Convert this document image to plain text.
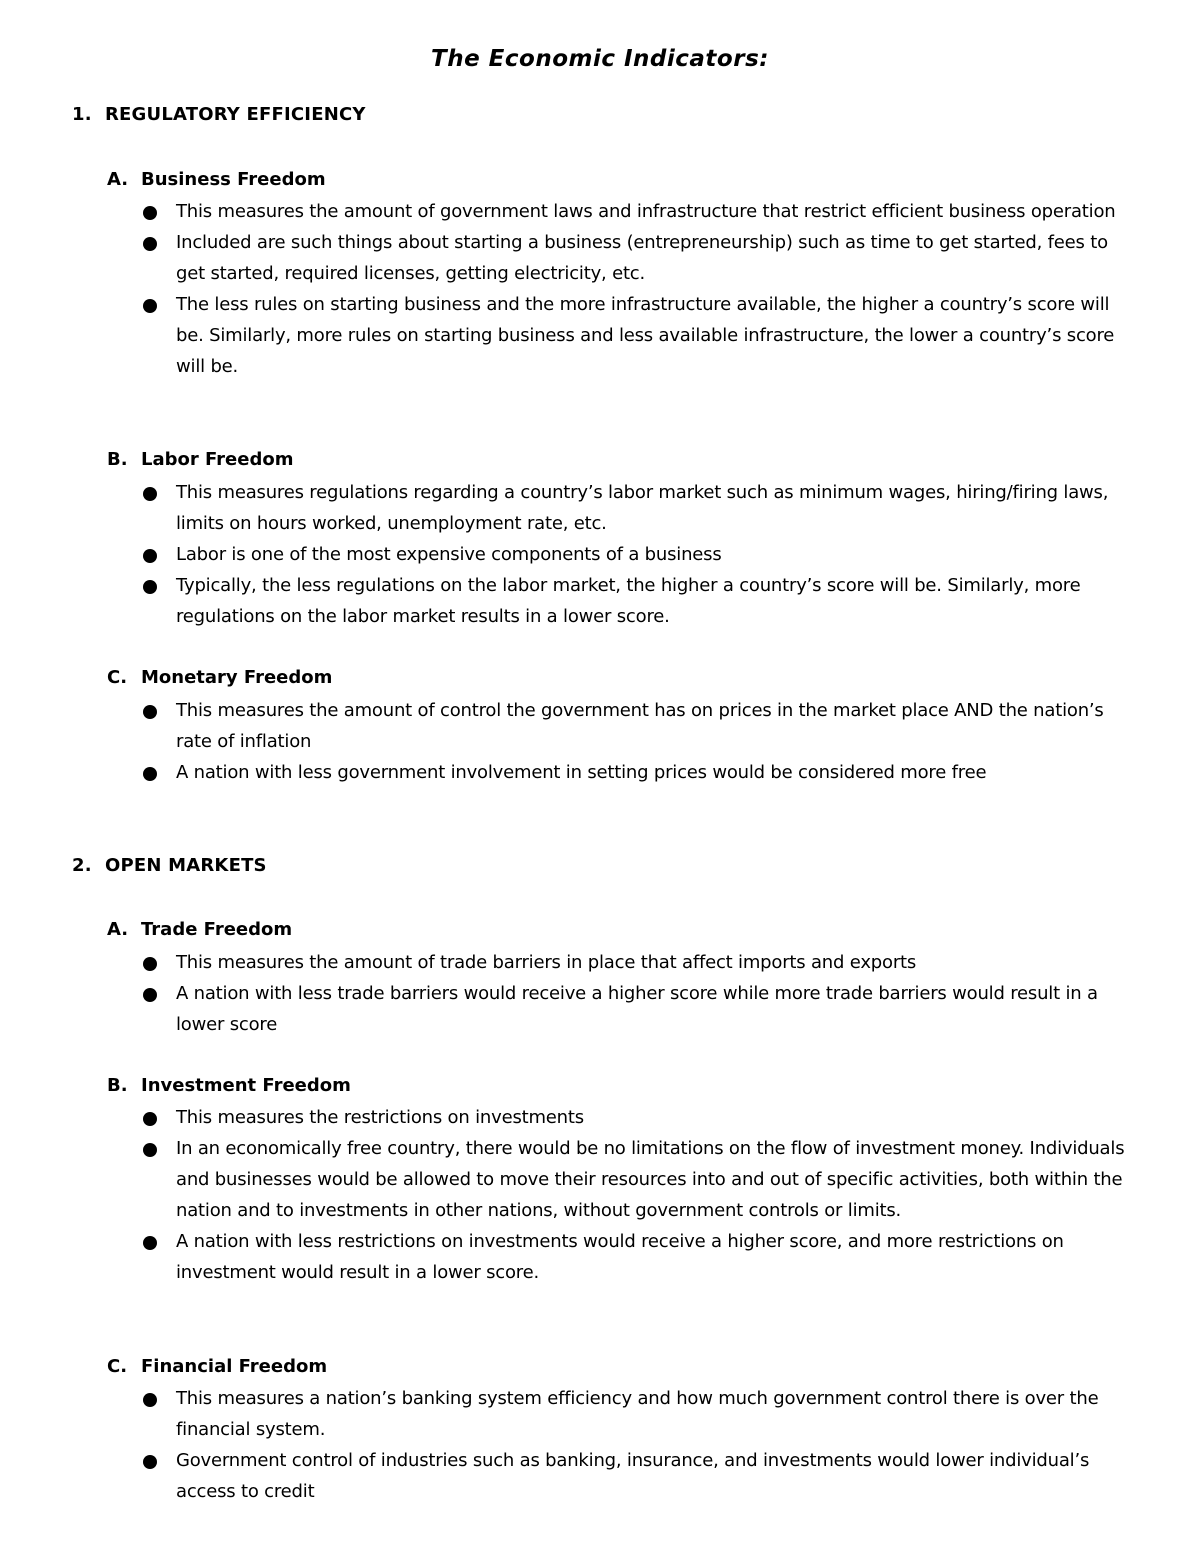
The Economic Indicators:
1. REGULATORY EFFICIENCY
A. Business Freedom
This measures the amount of government laws and infrastructure that restrict efficient business operation
Included are such things about starting a business (entrepreneurship) such as time to get started, fees to get started, required licenses, getting electricity, etc.
The less rules on starting business and the more infrastructure available, the higher a country’s score will be. Similarly, more rules on starting business and less available infrastructure, the lower a country’s score will be.
B. Labor Freedom
This measures regulations regarding a country’s labor market such as minimum wages, hiring/firing laws, limits on hours worked, unemployment rate, etc.
Labor is one of the most expensive components of a business
Typically, the less regulations on the labor market, the higher a country’s score will be. Similarly, more regulations on the labor market results in a lower score.
C. Monetary Freedom
This measures the amount of control the government has on prices in the market place AND the nation’s rate of inflation
A nation with less government involvement in setting prices would be considered more free
2. OPEN MARKETS
A. Trade Freedom
This measures the amount of trade barriers in place that affect imports and exports
A nation with less trade barriers would receive a higher score while more trade barriers would result in a lower score
B. Investment Freedom
This measures the restrictions on investments
In an economically free country, there would be no limitations on the flow of investment money. Individuals and businesses would be allowed to move their resources into and out of specific activities, both within the nation and to investments in other nations, without government controls or limits.
A nation with less restrictions on investments would receive a higher score, and more restrictions on investment would result in a lower score.
C. Financial Freedom
This measures a nation’s banking system efficiency and how much government control there is over the financial system.
Government control of industries such as banking, insurance, and investments would lower individual’s access to credit
